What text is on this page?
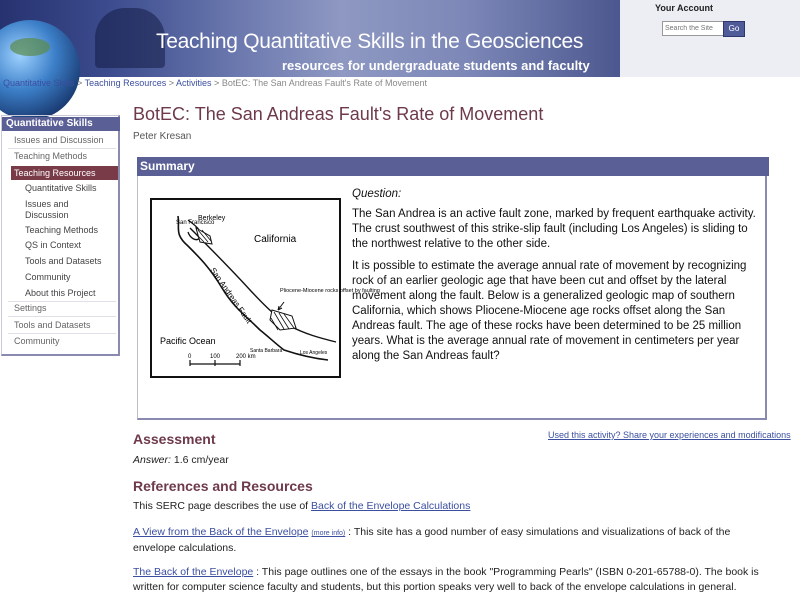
Teaching Quantitative Skills in the Geosciences
resources for undergraduate students and faculty
Your Account
Search the Site
Go
Quantitative Skills > Teaching Resources > Activities > BotEC: The San Andreas Fault's Rate of Movement
Quantitative Skills
Issues and Discussion
Teaching Methods
Teaching Resources
Quantitative Skills
Issues and Discussion
Teaching Methods
QS in Context
Tools and Datasets
Community
About this Project
Settings
Tools and Datasets
Community
BotEC: The San Andreas Fault's Rate of Movement
Peter Kresan
Summary
San Francisco
Berkeley
California
San Andreas Fault	Pliocene-Miocene rocks offset by faulting
Pacific Ocean
Santa Barbara	Los Angeles
0	100	200 km
Question:

The San Andrea is an active fault zone, marked by frequent earthquake activity. The crust southwest of this strike-slip fault (including Los Angeles) is sliding to the northwest relative to the other side.

It is possible to estimate the average annual rate of movement by recognizing rock of an earlier geologic age that have been cut and offset by the lateral movement along the fault. Below is a generalized geologic map of southern California, which shows Pliocene-Miocene age rocks offset along the San Andreas fault. The age of these rocks have been determined to be 25 million years. What is the average annual rate of movement in centimeters per year along the San Andreas fault?

Assessment	Used this activity? Share your experiences and modifications
Answer: 1.6 cm/year
References and Resources

This SERC page describes the use of Back of the Envelope Calculations

A View from the Back of the Envelope (more info) : This site has a good number of easy simulations and visualizations of back of the envelope calculations.

The Back of the Envelope : This page outlines one of the essays in the book "Programming Pearls" (ISBN 0-201-65788-0). The book is written for computer science faculty and students, but this portion speaks very well to back of the envelope calculations in general.
